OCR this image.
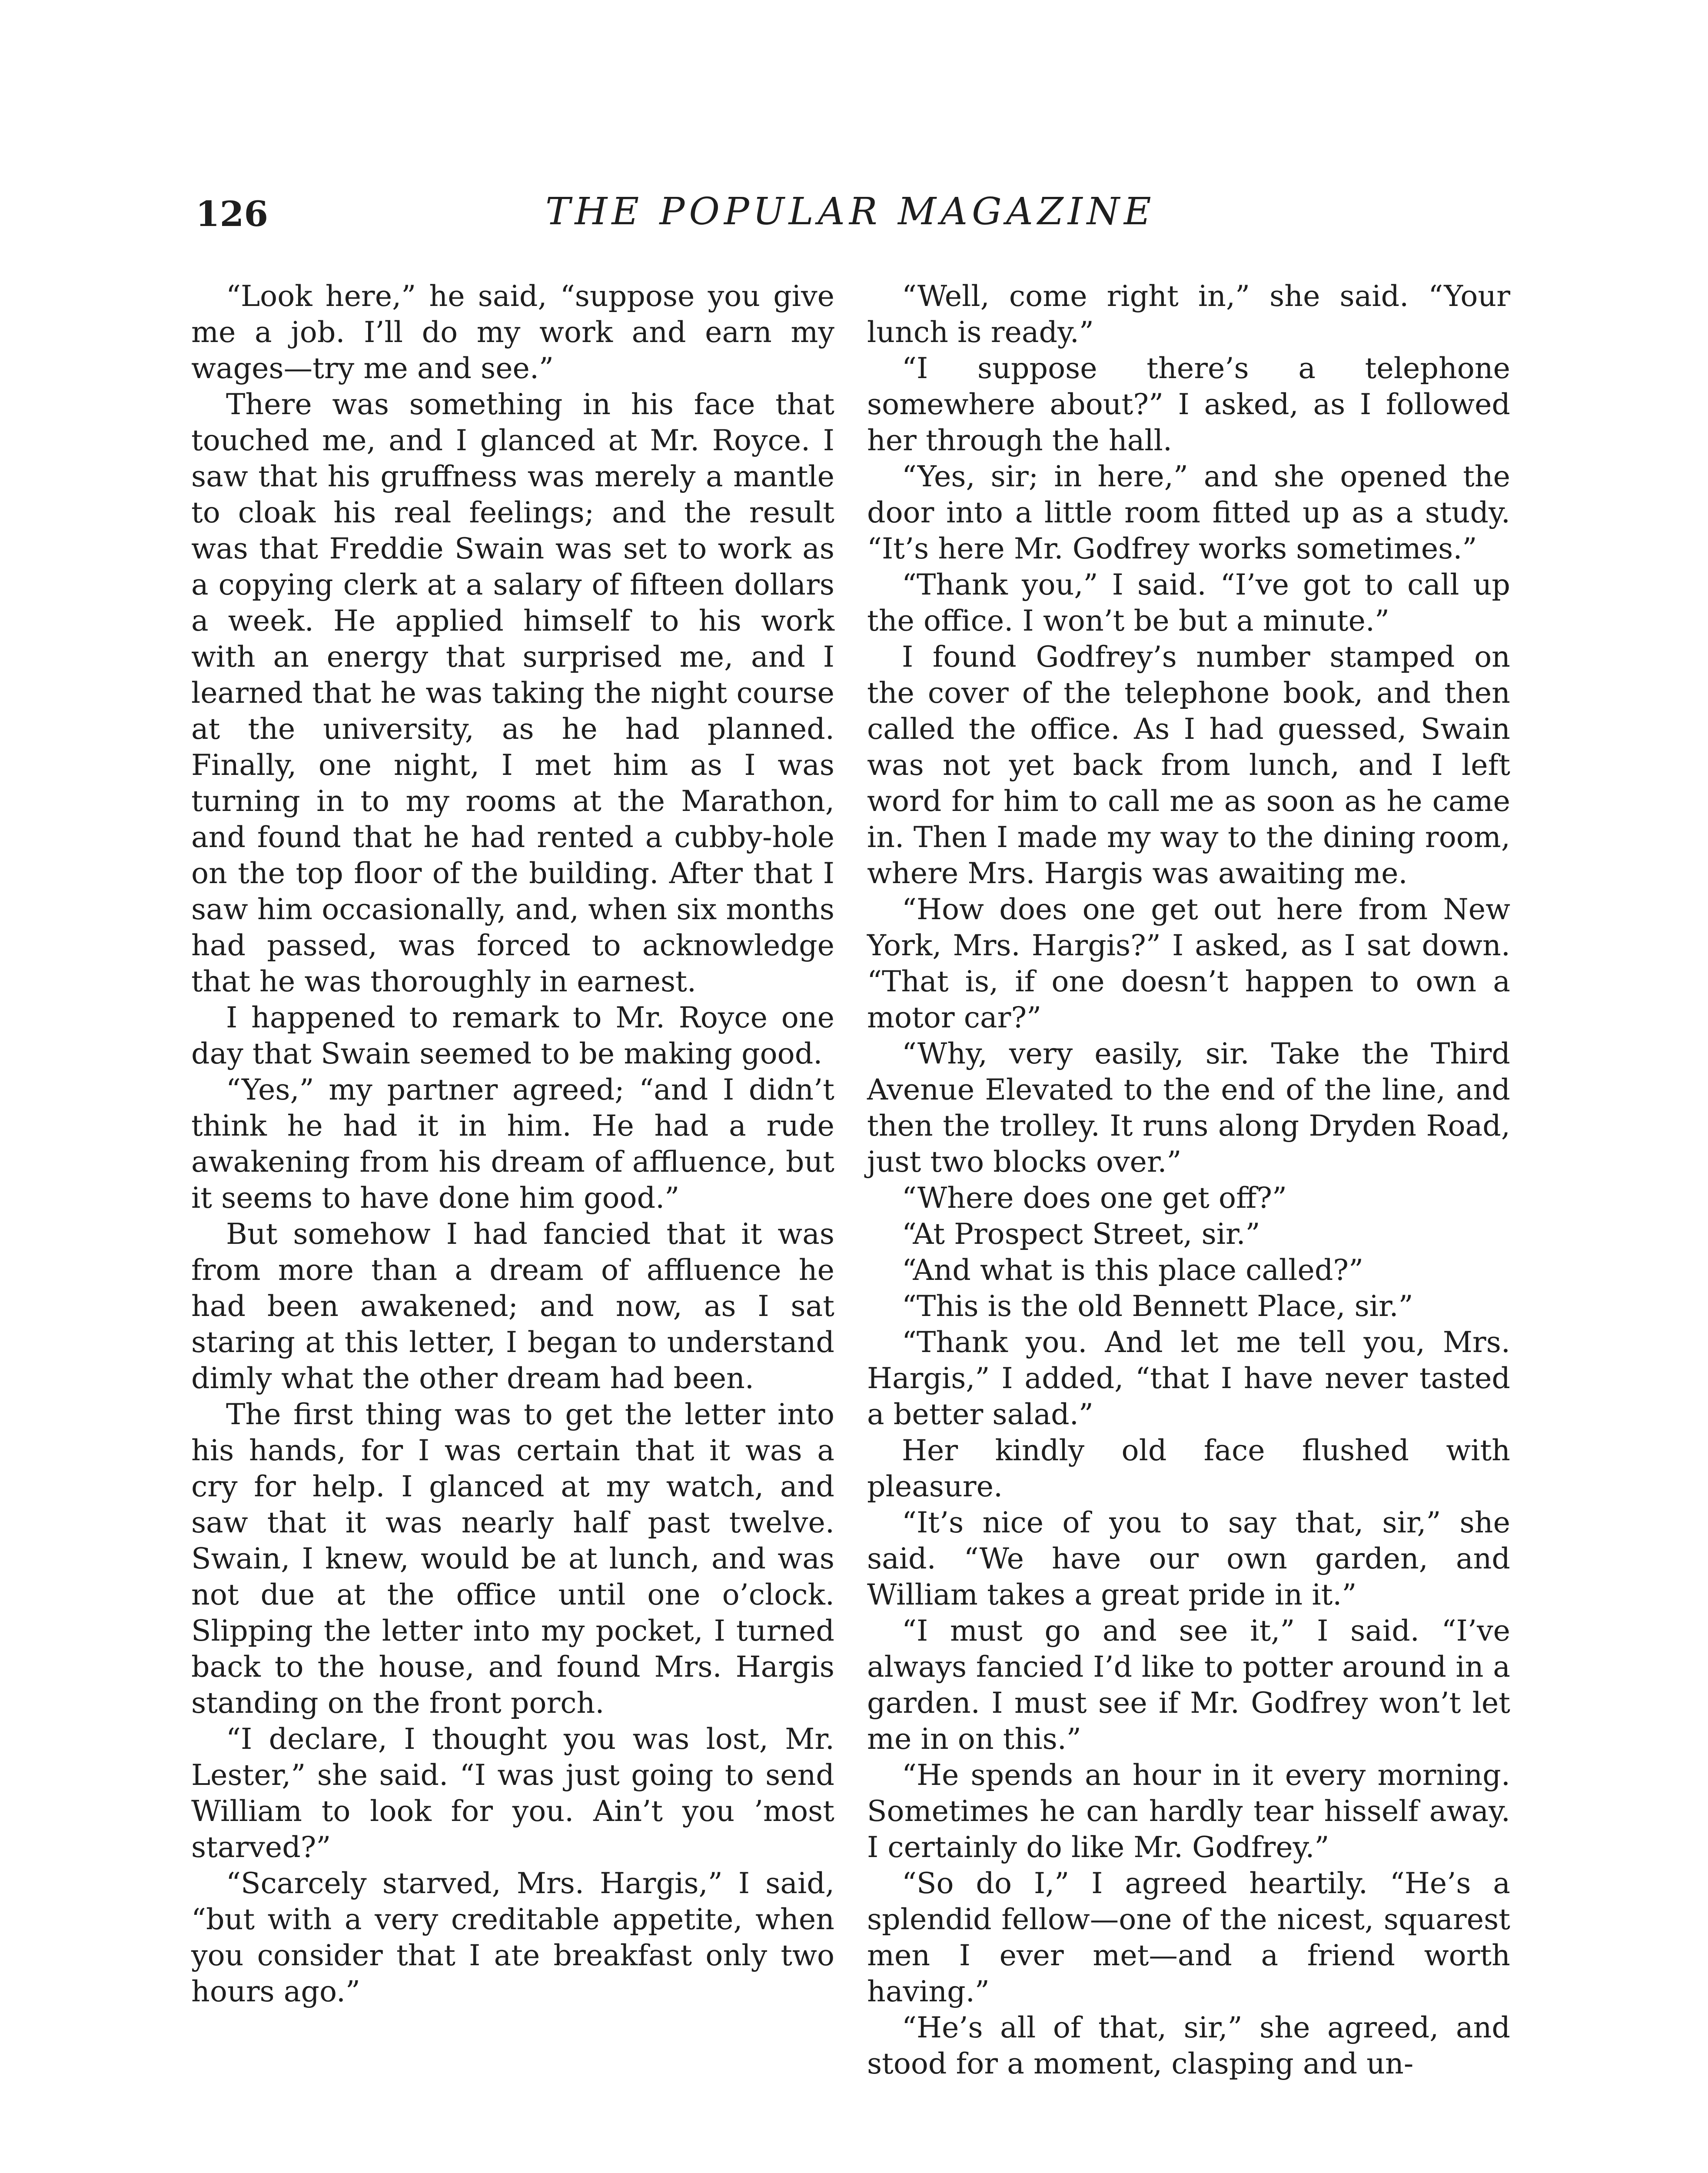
126	THE POPULAR MAGAZINE

“Look here,” he said, “suppose you give me a job. I’ll do my work and earn my wages—try me and see.”

There was something in his face that touched me, and I glanced at Mr. Royce. I saw that his gruffness was merely a mantle to cloak his real feelings; and the result was that Freddie Swain was set to work as a copying clerk at a salary of fifteen dollars a week. He applied himself to his work with an energy that surprised me, and I learned that he was taking the night course at the university, as he had planned. Finally, one night, I met him as I was turning in to my rooms at the Marathon, and found that he had rented a cubby-hole on the top floor of the building. After that I saw him occasionally, and, when six months had passed, was forced to acknowledge that he was thoroughly in earnest.

I happened to remark to Mr. Royce one day that Swain seemed to be making good.

“Yes,” my partner agreed; “and I didn’t think he had it in him. He had a rude awakening from his dream of affluence, but it seems to have done him good.”

But somehow I had fancied that it was from more than a dream of affluence he had been awakened; and now, as I sat staring at this letter, I began to understand dimly what the other dream had been.

The first thing was to get the letter into his hands, for I was certain that it was a cry for help. I glanced at my watch, and saw that it was nearly half past twelve. Swain, I knew, would be at lunch, and was not due at the office until one o’clock. Slipping the letter into my pocket, I turned back to the house, and found Mrs. Hargis standing on the front porch.

“I declare, I thought you was lost, Mr. Lester,” she said. “I was just going to send William to look for you. Ain’t you ’most starved?”

“Scarcely starved, Mrs. Hargis,” I said, “but with a very creditable appetite, when you consider that I ate breakfast only two hours ago.”

“Well, come right in,” she said. “Your lunch is ready.”

“I suppose there’s a telephone somewhere about?” I asked, as I followed her through the hall.

“Yes, sir; in here,” and she opened the door into a little room fitted up as a study. “It’s here Mr. Godfrey works sometimes.”

“Thank you,” I said. “I’ve got to call up the office. I won’t be but a minute.”

I found Godfrey’s number stamped on the cover of the telephone book, and then called the office. As I had guessed, Swain was not yet back from lunch, and I left word for him to call me as soon as he came in. Then I made my way to the dining room, where Mrs. Hargis was awaiting me.

“How does one get out here from New York, Mrs. Hargis?” I asked, as I sat down. “That is, if one doesn’t happen to own a motor car?”

“Why, very easily, sir. Take the Third Avenue Elevated to the end of the line, and then the trolley. It runs along Dryden Road, just two blocks over.”

“Where does one get off?”

“At Prospect Street, sir.”

“And what is this place called?”

“This is the old Bennett Place, sir.”

“Thank you. And let me tell you, Mrs. Hargis,” I added, “that I have never tasted a better salad.”

Her kindly old face flushed with pleasure.

“It’s nice of you to say that, sir,” she said. “We have our own garden, and William takes a great pride in it.”

“I must go and see it,” I said. “I’ve always fancied I’d like to potter around in a garden. I must see if Mr. Godfrey won’t let me in on this.”

“He spends an hour in it every morning. Sometimes he can hardly tear hisself away. I certainly do like Mr. Godfrey.”

“So do I,” I agreed heartily. “He’s a splendid fellow—one of the nicest, squarest men I ever met—and a friend worth having.”

“He’s all of that, sir,” she agreed, and stood for a moment, clasping and un-
